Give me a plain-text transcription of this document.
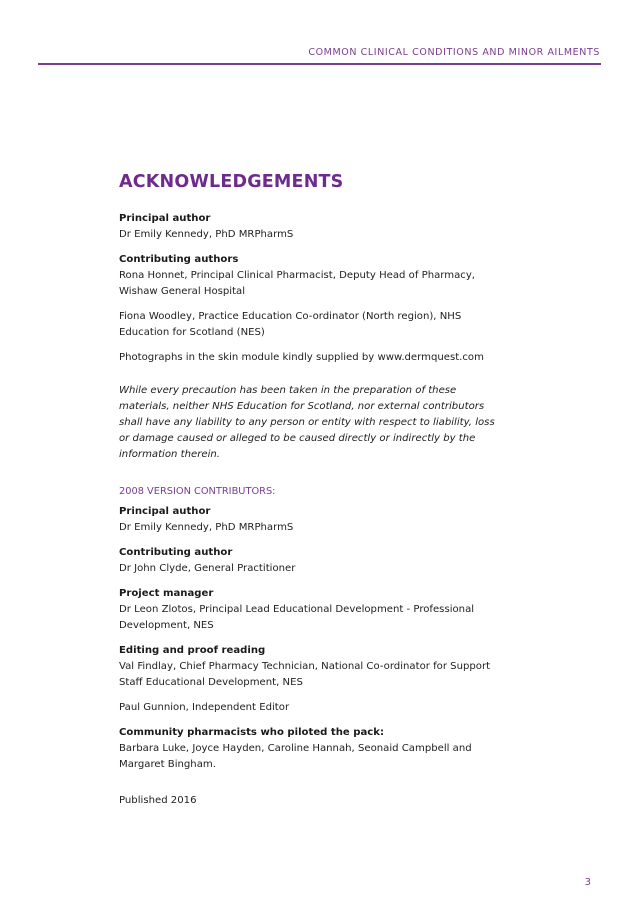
COMMON CLINICAL CONDITIONS AND MINOR AILMENTS
ACKNOWLEDGEMENTS
Principal author
Dr Emily Kennedy, PhD MRPharmS
Contributing authors
Rona Honnet, Principal Clinical Pharmacist, Deputy Head of Pharmacy, Wishaw General Hospital
Fiona Woodley, Practice Education Co-ordinator (North region), NHS Education for Scotland (NES)
Photographs in the skin module kindly supplied by www.dermquest.com
While every precaution has been taken in the preparation of these materials, neither NHS Education for Scotland, nor external contributors shall have any liability to any person or entity with respect to liability, loss or damage caused or alleged to be caused directly or indirectly by the information therein.
2008 VERSION CONTRIBUTORS:
Principal author
Dr Emily Kennedy, PhD MRPharmS
Contributing author
Dr John Clyde, General Practitioner
Project manager
Dr Leon Zlotos, Principal Lead Educational Development - Professional Development, NES
Editing and proof reading
Val Findlay, Chief Pharmacy Technician, National Co-ordinator for Support Staff Educational Development, NES
Paul Gunnion, Independent Editor
Community pharmacists who piloted the pack:
Barbara Luke, Joyce Hayden, Caroline Hannah, Seonaid Campbell and Margaret Bingham.
Published 2016
3
